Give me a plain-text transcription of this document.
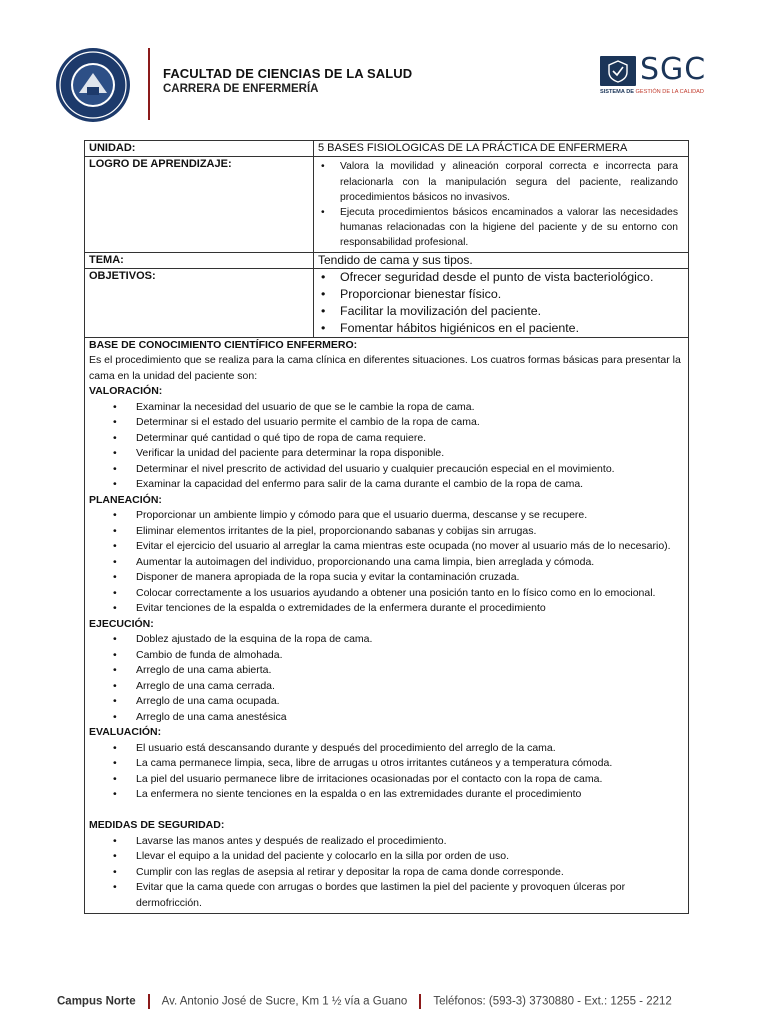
FACULTAD DE CIENCIAS DE LA SALUD
CARRERA DE ENFERMERÍA
SGC
SISTEMA DE GESTIÓN DE LA CALIDAD
UNIDAD:	5 BASES FISIOLOGICAS DE LA PRÁCTICA DE ENFERMERA
LOGRO DE APRENDIZAJE:	• Valora la movilidad y alineación corporal correcta e incorrecta para relacionarla con la manipulación segura del paciente, realizando procedimientos básicos no invasivos.
• Ejecuta procedimientos básicos encaminados a valorar las necesidades humanas relacionadas con la higiene del paciente y de su entorno con responsabilidad profesional.
TEMA:	Tendido de cama y sus tipos.
OBJETIVOS:	• Ofrecer seguridad desde el punto de vista bacteriológico.
• Proporcionar bienestar físico.
• Facilitar la movilización del paciente.
• Fomentar hábitos higiénicos en el paciente.
BASE DE CONOCIMIENTO CIENTÍFICO ENFERMERO:
Es el procedimiento que se realiza para la cama clínica en diferentes situaciones. Los cuatros formas básicas para presentar la cama en la unidad del paciente son:
VALORACIÓN:
• Examinar la necesidad del usuario de que se le cambie la ropa de cama.
• Determinar si el estado del usuario permite el cambio de la ropa de cama.
• Determinar qué cantidad o qué tipo de ropa de cama requiere.
• Verificar la unidad del paciente para determinar la ropa disponible.
• Determinar el nivel prescrito de actividad del usuario y cualquier precaución especial en el movimiento.
• Examinar la capacidad del enfermo para salir de la cama durante el cambio de la ropa de cama.
PLANEACIÓN:
• Proporcionar un ambiente limpio y cómodo para que el usuario duerma, descanse y se recupere.
• Eliminar elementos irritantes de la piel, proporcionando sabanas y cobijas sin arrugas.
• Evitar el ejercicio del usuario al arreglar la cama mientras este ocupada (no mover al usuario más de lo necesario).
• Aumentar la autoimagen del individuo, proporcionando una cama limpia, bien arreglada y cómoda.
• Disponer de manera apropiada de la ropa sucia y evitar la contaminación cruzada.
• Colocar correctamente a los usuarios ayudando a obtener una posición tanto en lo físico como en lo emocional.
• Evitar tenciones de la espalda o extremidades de la enfermera durante el procedimiento
EJECUCIÓN:
• Doblez ajustado de la esquina de la ropa de cama.
• Cambio de funda de almohada.
• Arreglo de una cama abierta.
• Arreglo de una cama cerrada.
• Arreglo de una cama ocupada.
• Arreglo de una cama anestésica
EVALUACIÓN:
• El usuario está descansando durante y después del procedimiento del arreglo de la cama.
• La cama permanece limpia, seca, libre de arrugas u otros irritantes cutáneos y a temperatura cómoda.
• La piel del usuario permanece libre de irritaciones ocasionadas por el contacto con la ropa de cama.
• La enfermera no siente tenciones en la espalda o en las extremidades durante el procedimiento
MEDIDAS DE SEGURIDAD:
• Lavarse las manos antes y después de realizado el procedimiento.
• Llevar el equipo a la unidad del paciente y colocarlo en la silla por orden de uso.
• Cumplir con las reglas de asepsia al retirar y depositar la ropa de cama donde corresponde.
• Evitar que la cama quede con arrugas o bordes que lastimen la piel del paciente y provoquen úlceras por dermofricción.
Campus Norte Av. Antonio José de Sucre, Km 1 ½ vía a Guano Teléfonos: (593-3) 3730880 - Ext.: 1255 - 2212
